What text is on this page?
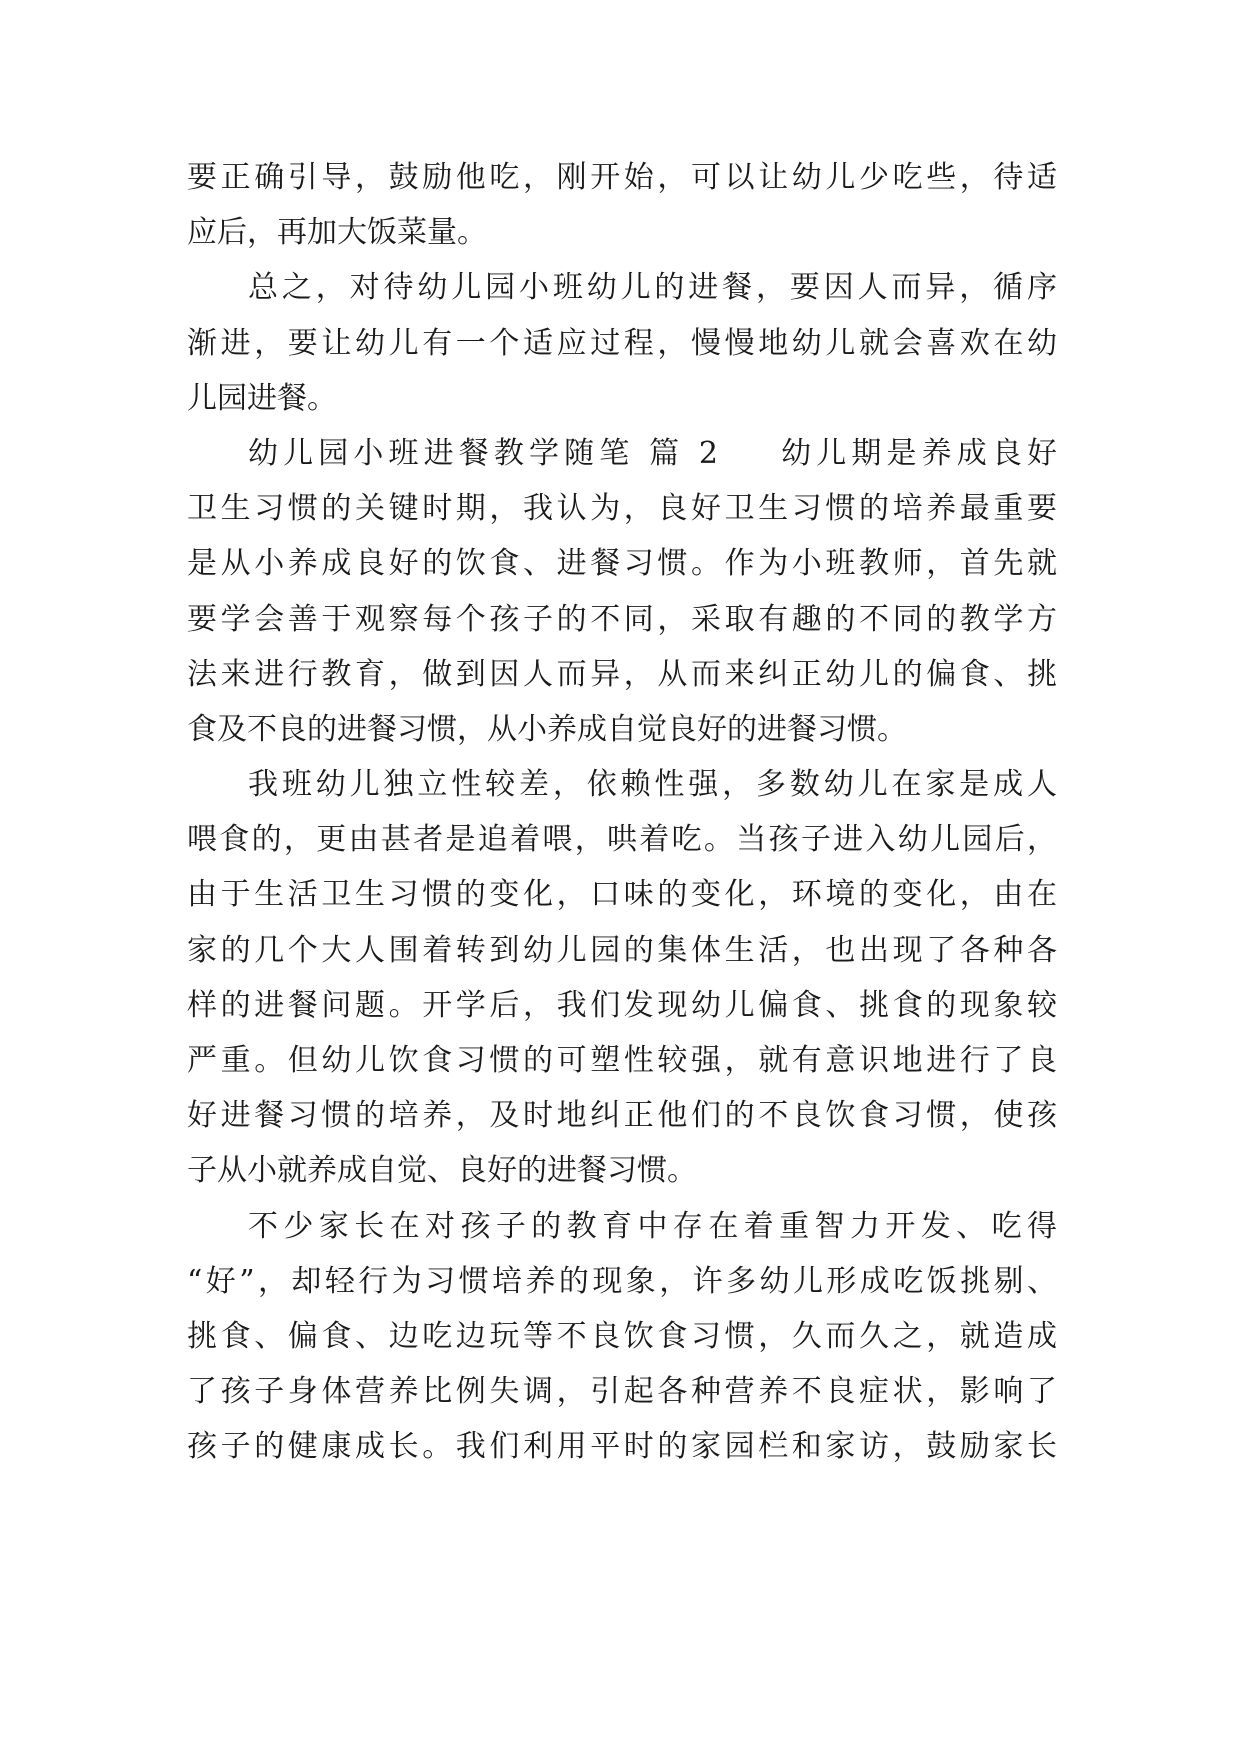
要正确引导，鼓励他吃，刚开始，可以让幼儿少吃些，待适
应后，再加大饭菜量。
总之，对待幼儿园小班幼儿的进餐，要因人而异，循序
渐进，要让幼儿有一个适应过程，慢慢地幼儿就会喜欢在幼
儿园进餐。
幼儿园小班进餐教学随笔 篇 2 幼儿期是养成良好
卫生习惯的关键时期，我认为，良好卫生习惯的培养最重要
是从小养成良好的饮食、进餐习惯。作为小班教师，首先就
要学会善于观察每个孩子的不同，采取有趣的不同的教学方
法来进行教育，做到因人而异，从而来纠正幼儿的偏食、挑
食及不良的进餐习惯，从小养成自觉良好的进餐习惯。
我班幼儿独立性较差，依赖性强，多数幼儿在家是成人
喂食的，更由甚者是追着喂，哄着吃。当孩子进入幼儿园后，
由于生活卫生习惯的变化，口味的变化，环境的变化，由在
家的几个大人围着转到幼儿园的集体生活，也出现了各种各
样的进餐问题。开学后，我们发现幼儿偏食、挑食的现象较
严重。但幼儿饮食习惯的可塑性较强，就有意识地进行了良
好进餐习惯的培养，及时地纠正他们的不良饮食习惯，使孩
子从小就养成自觉、良好的进餐习惯。
不少家长在对孩子的教育中存在着重智力开发、吃得
“好”，却轻行为习惯培养的现象，许多幼儿形成吃饭挑剔、
挑食、偏食、边吃边玩等不良饮食习惯，久而久之，就造成
了孩子身体营养比例失调，引起各种营养不良症状，影响了
孩子的健康成长。我们利用平时的家园栏和家访，鼓励家长
